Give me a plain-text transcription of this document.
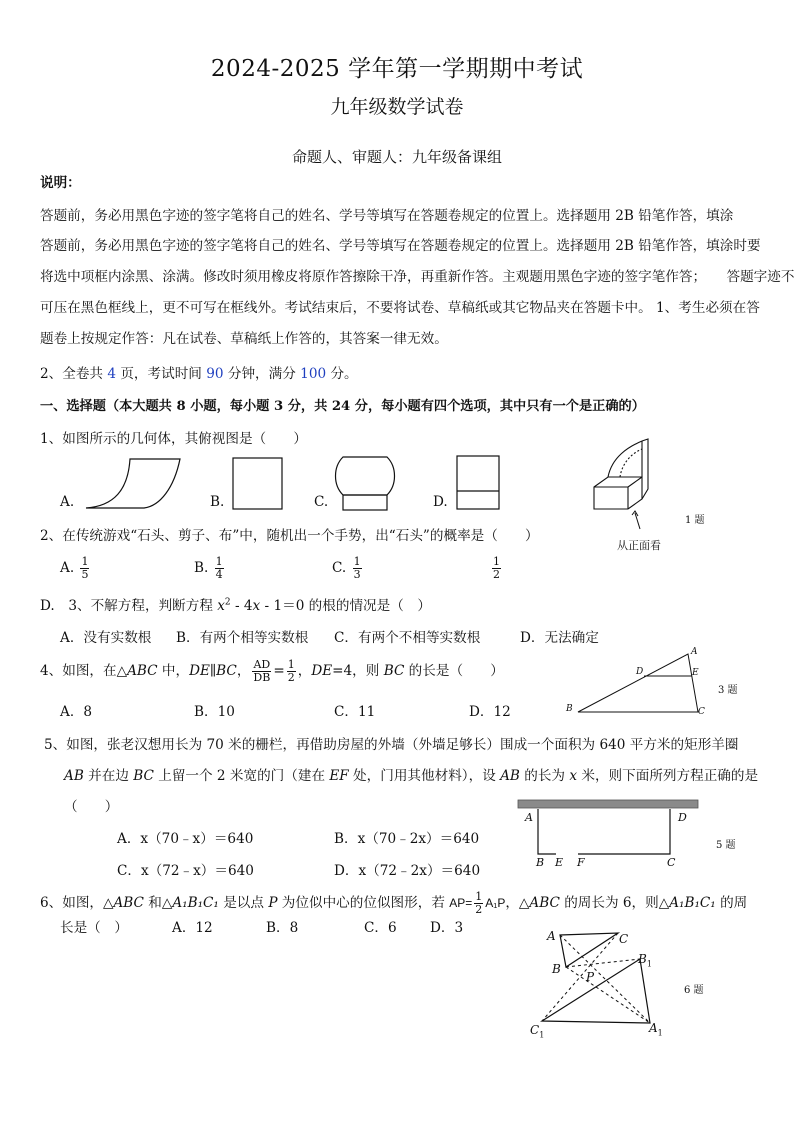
2024-2025 学年第一学期期中考试
九年级数学试卷
命题人、审题人：九年级备课组
说明：
答题前，务必用黑色字迹的签字笔将自己的姓名、学号等填写在答题卷规定的位置上。选择题用 2B 铅笔作答，填涂
答题前，务必用黑色字迹的签字笔将自己的姓名、学号等填写在答题卷规定的位置上。选择题用 2B 铅笔作答，填涂时要
将选中项框内涂黑、涂满。修改时须用橡皮将原作答擦除干净，再重新作答。主观题用黑色字迹的签字笔作答；　　答题字迹不
可压在黑色框线上，更不可写在框线外。考试结束后，不要将试卷、草稿纸或其它物品夹在答题卡中。 1、考生必须在答
题卷上按规定作答：凡在试卷、草稿纸上作答的，其答案一律无效。
2、全卷共 4 页，考试时间 90 分钟，满分 100 分。
一、选择题（本大题共 8 小题，每小题 3 分，共 24 分，每小题有四个选项，其中只有一个是正确的）
1、如图所示的几何体，其俯视图是（　　）
A.	B.	C.	D.
从正面看
1 题
2、在传统游戏“石头、剪子、布”中，随机出一个手势，出“石头”的概率是（　　）
A. $\frac{1}{5}$	B. $\frac{1}{4}$	C. $\frac{1}{3}$	$\frac{1}{2}$
D.　3、不解方程，判断方程 $x^2 - 4x - 1=0$ 的根的情况是（　）
A．没有实数根 B．有两个相等实数根 C．有两个不相等实数根	D．无法确定
4、如图，在△ABC 中，DE∥BC， $\frac{AD}{DB} = \frac{1}{2}$ ，DE=4，则 BC 的长是（　　）
A．8	B．10	C．11	D．12
A
D	E
B	C
3 题
5、如图，张老汉想用长为 70 米的栅栏，再借助房屋的外墙（外墙足够长）围成一个面积为 640 平方米的矩形羊圈
AB 并在边 BC 上留一个 2 米宽的门（建在 EF 处，门用其他材料），设 AB 的长为 x 米，则下面所列方程正确的是
（　　）
A．x（70﹣x）＝640	B．x（70﹣2x）＝640
C．x（72﹣x）＝640	D．x（72﹣2x）＝640
A	D
B E F	C
5 题
6、如图，△ABC 和△A₁B₁C₁ 是以点 P 为位似中心的位似图形，若 $AP= \frac{1}{2} A_1P$，△ABC 的周长为 6，则△A₁B₁C₁ 的周
长是（　）	A．12	B．8	C．6 D．3	A	C
B
$B_1$
P
$C_1$	$A_1$
6 题
